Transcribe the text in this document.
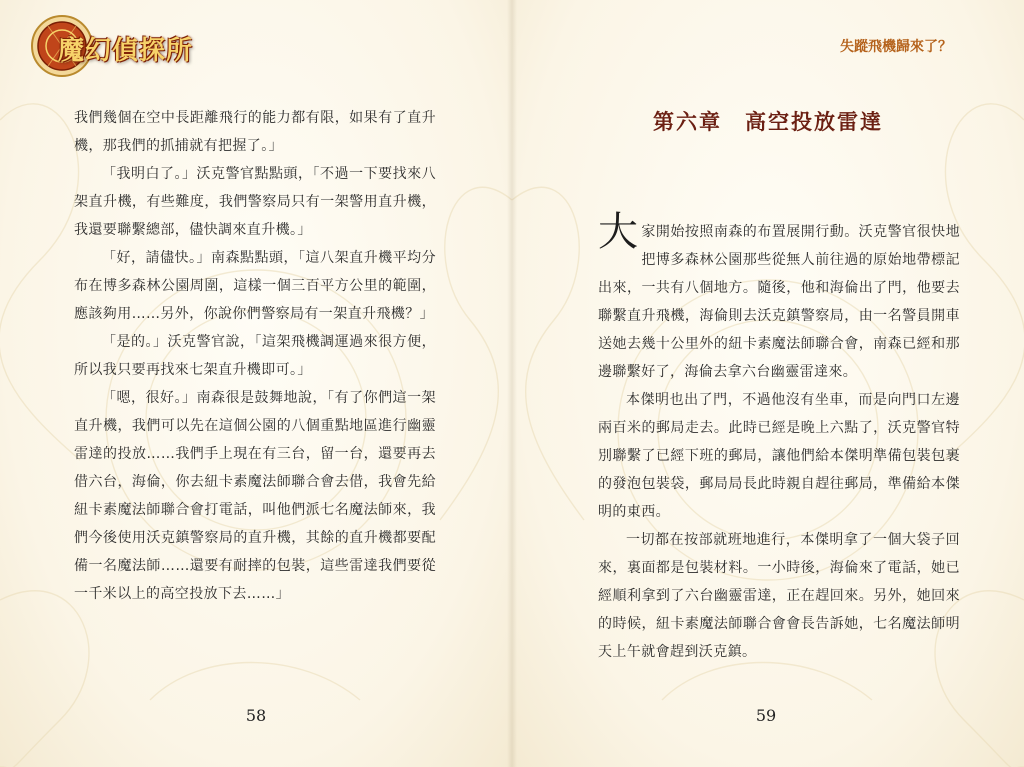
魔幻偵探所

我們幾個在空中長距離飛行的能力都有限，如果有了直升機，那我們的抓捕就有把握了。」

「我明白了。」沃克警官點點頭，「不過一下要找來八架直升機，有些難度，我們警察局只有一架警用直升機，我還要聯繫總部，儘快調來直升機。」

「好，請儘快。」南森點點頭，「這八架直升機平均分布在博多森林公園周圍，這樣一個三百平方公里的範圍，應該夠用……另外，你說你們警察局有一架直升飛機？」

「是的。」沃克警官說，「這架飛機調運過來很方便，所以我只要再找來七架直升機即可。」

「嗯，很好。」南森很是鼓舞地說，「有了你們這一架直升機，我們可以先在這個公園的八個重點地區進行幽靈雷達的投放……我們手上現在有三台，留一台，還要再去借六台，海倫，你去紐卡素魔法師聯合會去借，我會先給紐卡素魔法師聯合會打電話，叫他們派七名魔法師來，我們今後使用沃克鎮警察局的直升機，其餘的直升機都要配備一名魔法師……還要有耐摔的包裝，這些雷達我們要從一千米以上的高空投放下去……」

58
失蹤飛機歸來了？
第六章　高空投放雷達

大家開始按照南森的布置展開行動。沃克警官很快地把博多森林公園那些從無人前往過的原始地帶標記出來，一共有八個地方。隨後，他和海倫出了門，他要去聯繫直升飛機，海倫則去沃克鎮警察局，由一名警員開車送她去幾十公里外的紐卡素魔法師聯合會，南森已經和那邊聯繫好了，海倫去拿六台幽靈雷達來。

本傑明也出了門，不過他沒有坐車，而是向門口左邊兩百米的郵局走去。此時已經是晚上六點了，沃克警官特別聯繫了已經下班的郵局，讓他們給本傑明準備包裝包裹的發泡包裝袋，郵局局長此時親自趕往郵局，準備給本傑明的東西。

一切都在按部就班地進行，本傑明拿了一個大袋子回來，裏面都是包裝材料。一小時後，海倫來了電話，她已經順利拿到了六台幽靈雷達，正在趕回來。另外，她回來的時候，紐卡素魔法師聯合會會長告訴她，七名魔法師明天上午就會趕到沃克鎮。

59
